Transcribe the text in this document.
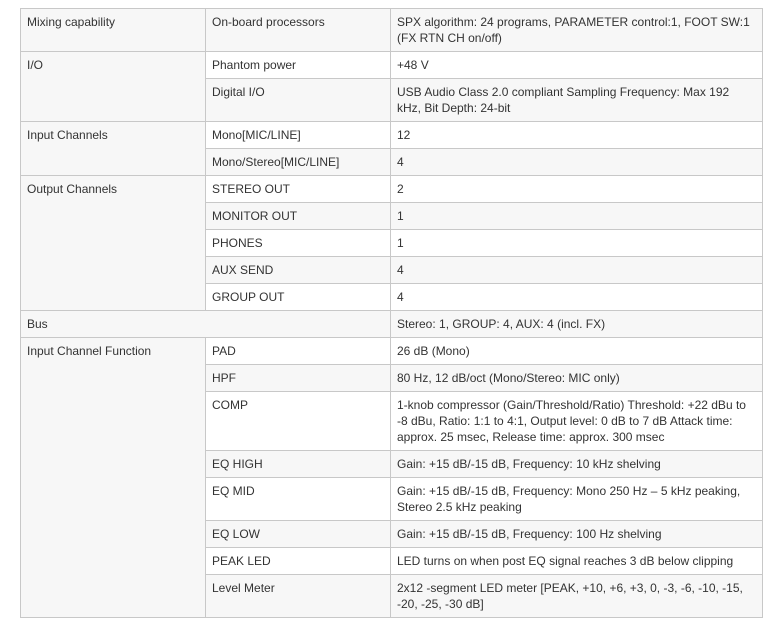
Mixing capability	On-board processors	SPX algorithm: 24 programs, PARAMETER control:1, FOOT SW:1 (FX RTN CH on/off)
I/O	Phantom power	+48 V
	Digital I/O	USB Audio Class 2.0 compliant Sampling Frequency: Max 192 kHz, Bit Depth: 24-bit
Input Channels	Mono[MIC/LINE]	12
	Mono/Stereo[MIC/LINE]	4
Output Channels	STEREO OUT	2
	MONITOR OUT	1
	PHONES	1
	AUX SEND	4
	GROUP OUT	4
Bus		Stereo: 1, GROUP: 4, AUX: 4 (incl. FX)
Input Channel Function	PAD	26 dB (Mono)
	HPF	80 Hz, 12 dB/oct (Mono/Stereo: MIC only)
	COMP	1-knob compressor (Gain/Threshold/Ratio) Threshold: +22 dBu to -8 dBu, Ratio: 1:1 to 4:1, Output level: 0 dB to 7 dB Attack time: approx. 25 msec, Release time: approx. 300 msec
	EQ HIGH	Gain: +15 dB/-15 dB, Frequency: 10 kHz shelving
	EQ MID	Gain: +15 dB/-15 dB, Frequency: Mono 250 Hz – 5 kHz peaking, Stereo 2.5 kHz peaking
	EQ LOW	Gain: +15 dB/-15 dB, Frequency: 100 Hz shelving
	PEAK LED	LED turns on when post EQ signal reaches 3 dB below clipping
	Level Meter	2x12 -segment LED meter [PEAK, +10, +6, +3, 0, -3, -6, -10, -15, -20, -25, -30 dB]
